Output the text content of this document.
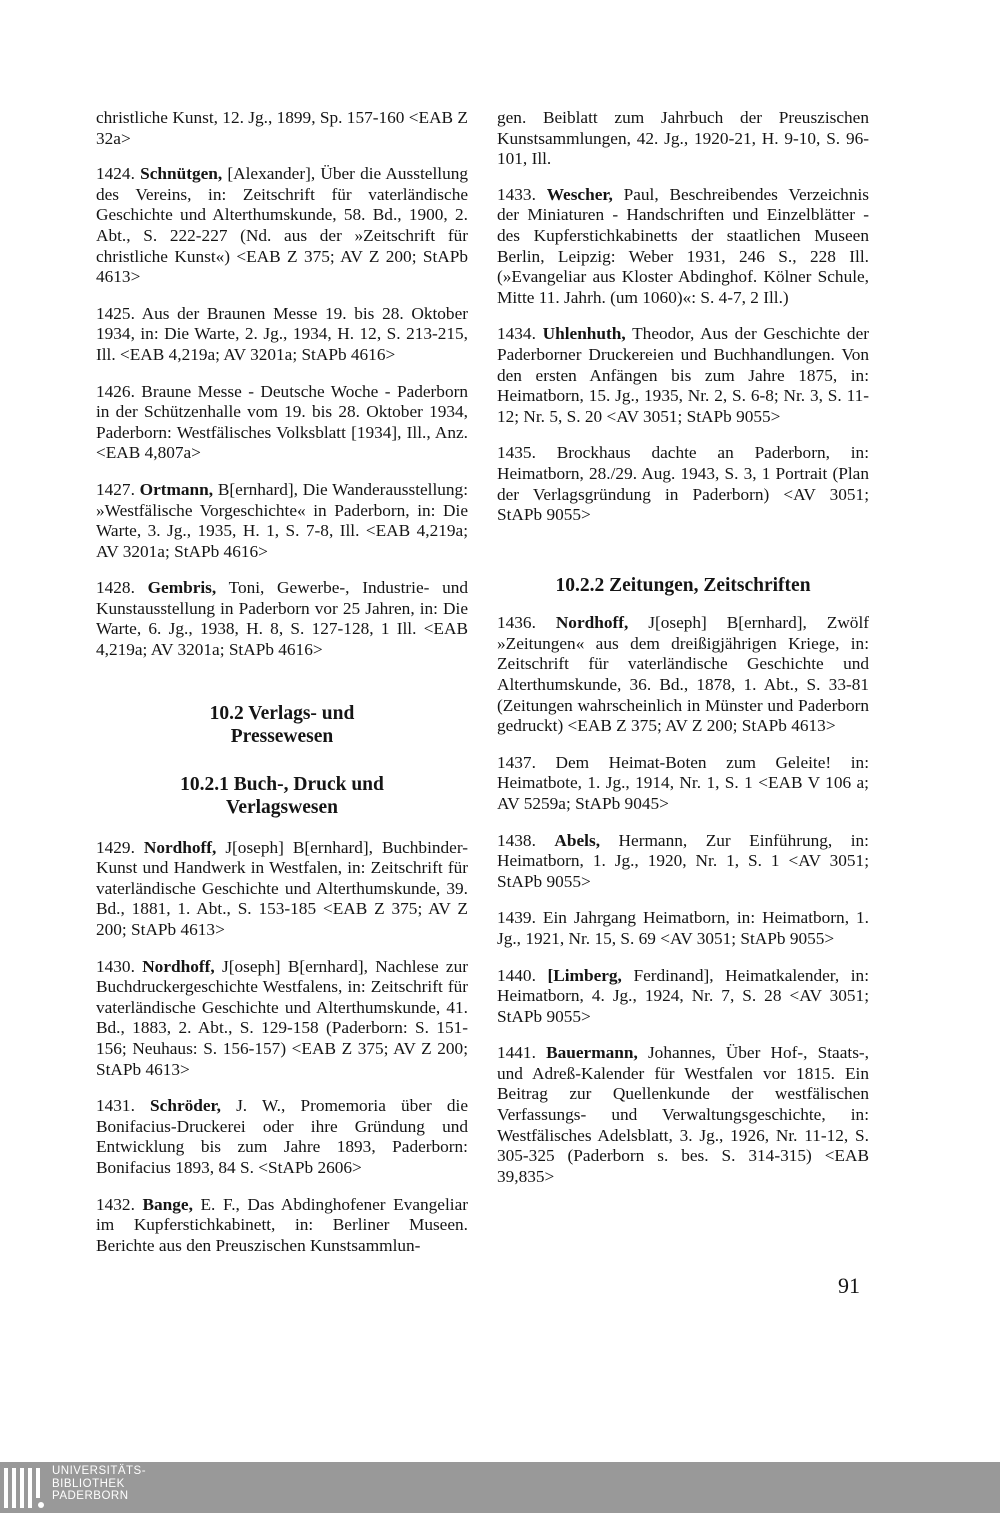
christliche Kunst, 12. Jg., 1899, Sp. 157-160 <EAB Z 32a>

1424. Schnütgen, [Alexander], Über die Ausstellung des Vereins, in: Zeitschrift für vaterländische Geschichte und Alterthumskunde, 58. Bd., 1900, 2. Abt., S. 222-227 (Nd. aus der »Zeitschrift für christliche Kunst«) <EAB Z 375; AV Z 200; StAPb 4613>

1425. Aus der Braunen Messe 19. bis 28. Oktober 1934, in: Die Warte, 2. Jg., 1934, H. 12, S. 213-215, Ill. <EAB 4,219a; AV 3201a; StAPb 4616>

1426. Braune Messe - Deutsche Woche - Paderborn in der Schützenhalle vom 19. bis 28. Oktober 1934, Paderborn: Westfälisches Volksblatt [1934], Ill., Anz. <EAB 4,807a>

1427. Ortmann, B[ernhard], Die Wanderausstellung: »Westfälische Vorgeschichte« in Paderborn, in: Die Warte, 3. Jg., 1935, H. 1, S. 7-8, Ill. <EAB 4,219a; AV 3201a; StAPb 4616>

1428. Gembris, Toni, Gewerbe-, Industrie- und Kunstausstellung in Paderborn vor 25 Jahren, in: Die Warte, 6. Jg., 1938, H. 8, S. 127-128, 1 Ill. <EAB 4,219a; AV 3201a; StAPb 4616>

10.2 Verlags- und
Pressewesen
10.2.1 Buch-, Druck und
Verlagswesen

1429. Nordhoff, J[oseph] B[ernhard], Buchbinder-Kunst und Handwerk in Westfalen, in: Zeitschrift für vaterländische Geschichte und Alterthumskunde, 39. Bd., 1881, 1. Abt., S. 153-185 <EAB Z 375; AV Z 200; StAPb 4613>

1430. Nordhoff, J[oseph] B[ernhard], Nachlese zur Buchdruckergeschichte Westfalens, in: Zeitschrift für vaterländische Geschichte und Alterthumskunde, 41. Bd., 1883, 2. Abt., S. 129-158 (Paderborn: S. 151-156; Neuhaus: S. 156-157) <EAB Z 375; AV Z 200; StAPb 4613>

1431. Schröder, J. W., Promemoria über die Bonifacius-Druckerei oder ihre Gründung und Entwicklung bis zum Jahre 1893, Paderborn: Bonifacius 1893, 84 S. <StAPb 2606>

1432. Bange, E. F., Das Abdinghofener Evangeliar im Kupferstichkabinett, in: Berliner Museen. Berichte aus den Preuszischen Kunstsammlun-

gen. Beiblatt zum Jahrbuch der Preuszischen Kunstsammlungen, 42. Jg., 1920-21, H. 9-10, S. 96-101, Ill.

1433. Wescher, Paul, Beschreibendes Verzeichnis der Miniaturen - Handschriften und Einzelblätter - des Kupferstichkabinetts der staatlichen Museen Berlin, Leipzig: Weber 1931, 246 S., 228 Ill. (»Evangeliar aus Kloster Abdinghof. Kölner Schule, Mitte 11. Jahrh. (um 1060)«: S. 4-7, 2 Ill.)

1434. Uhlenhuth, Theodor, Aus der Geschichte der Paderborner Druckereien und Buchhandlungen. Von den ersten Anfängen bis zum Jahre 1875, in: Heimatborn, 15. Jg., 1935, Nr. 2, S. 6-8; Nr. 3, S. 11-12; Nr. 5, S. 20 <AV 3051; StAPb 9055>

1435. Brockhaus dachte an Paderborn, in: Heimatborn, 28./29. Aug. 1943, S. 3, 1 Portrait (Plan der Verlagsgründung in Paderborn) <AV 3051; StAPb 9055>

10.2.2 Zeitungen, Zeitschriften

1436. Nordhoff, J[oseph] B[ernhard], Zwölf »Zeitungen« aus dem dreißigjährigen Kriege, in: Zeitschrift für vaterländische Geschichte und Alterthumskunde, 36. Bd., 1878, 1. Abt., S. 33-81 (Zeitungen wahrscheinlich in Münster und Paderborn gedruckt) <EAB Z 375; AV Z 200; StAPb 4613>

1437. Dem Heimat-Boten zum Geleite! in: Heimatbote, 1. Jg., 1914, Nr. 1, S. 1 <EAB V 106 a; AV 5259a; StAPb 9045>

1438. Abels, Hermann, Zur Einführung, in: Heimatborn, 1. Jg., 1920, Nr. 1, S. 1 <AV 3051; StAPb 9055>

1439. Ein Jahrgang Heimatborn, in: Heimatborn, 1. Jg., 1921, Nr. 15, S. 69 <AV 3051; StAPb 9055>

1440. [Limberg, Ferdinand], Heimatkalender, in: Heimatborn, 4. Jg., 1924, Nr. 7, S. 28 <AV 3051; StAPb 9055>

1441. Bauermann, Johannes, Über Hof-, Staats-, und Adreß-Kalender für Westfalen vor 1815. Ein Beitrag zur Quellenkunde der westfälischen Verfassungs- und Verwaltungsgeschichte, in: Westfälisches Adelsblatt, 3. Jg., 1926, Nr. 11-12, S. 305-325 (Paderborn s. bes. S. 314-315) <EAB 39,835>

91
UNIVERSITÄTS-
BIBLIOTHEK
PADERBORN
